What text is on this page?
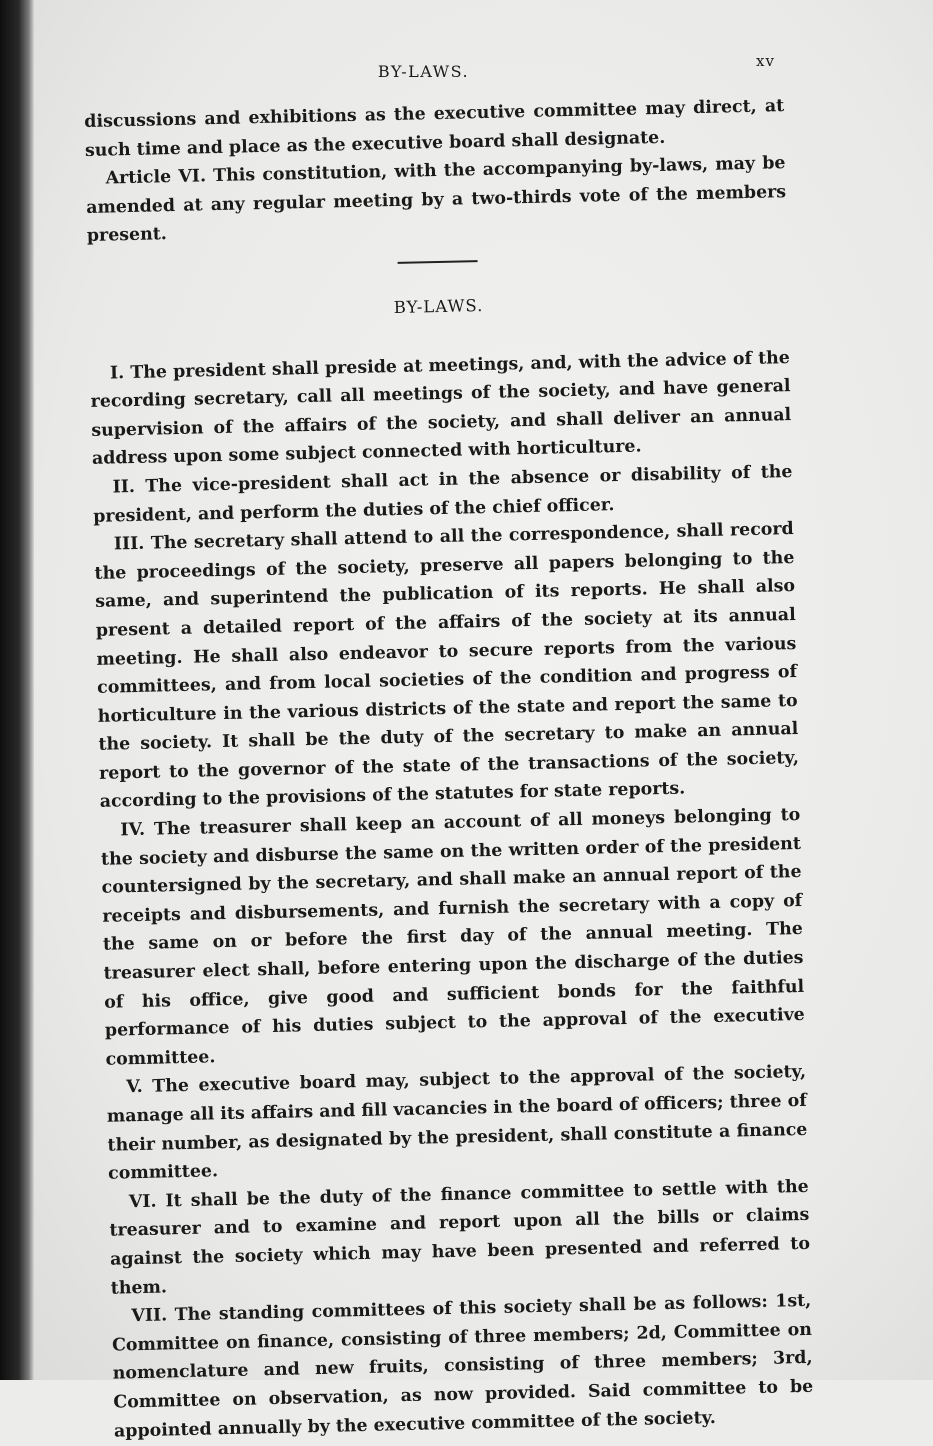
BY-LAWS.
xv

discussions and exhibitions as the executive committee may direct, at such time and place as the executive board shall designate.

Article VI. This constitution, with the accompanying by-laws, may be amended at any regular meeting by a two-thirds vote of the members present.

BY-LAWS.

I. The president shall preside at meetings, and, with the advice of the recording secretary, call all meetings of the society, and have general supervision of the affairs of the society, and shall deliver an annual address upon some subject connected with horticulture.

II. The vice-president shall act in the absence or disability of the president, and perform the duties of the chief officer.

III. The secretary shall attend to all the correspondence, shall record the proceedings of the society, preserve all papers belonging to the same, and superintend the publication of its reports. He shall also present a detailed report of the affairs of the society at its annual meeting. He shall also endeavor to secure reports from the various committees, and from local societies of the condition and progress of horticulture in the various districts of the state and report the same to the society. It shall be the duty of the secretary to make an annual report to the governor of the state of the transactions of the society, according to the provisions of the statutes for state reports.

IV. The treasurer shall keep an account of all moneys belonging to the society and disburse the same on the written order of the president countersigned by the secretary, and shall make an annual report of the receipts and disbursements, and furnish the secretary with a copy of the same on or before the first day of the annual meeting. The treasurer elect shall, before entering upon the discharge of the duties of his office, give good and sufficient bonds for the faithful performance of his duties subject to the approval of the executive committee.

V. The executive board may, subject to the approval of the society, manage all its affairs and fill vacancies in the board of officers; three of their number, as designated by the president, shall constitute a finance committee.

VI. It shall be the duty of the finance committee to settle with the treasurer and to examine and report upon all the bills or claims against the society which may have been presented and referred to them.

VII. The standing committees of this society shall be as follows: 1st, Committee on finance, consisting of three members; 2d, Committee on nomenclature and new fruits, consisting of three members; 3rd, Committee on observation, as now provided. Said committee to be appointed annually by the executive committee of the society.
